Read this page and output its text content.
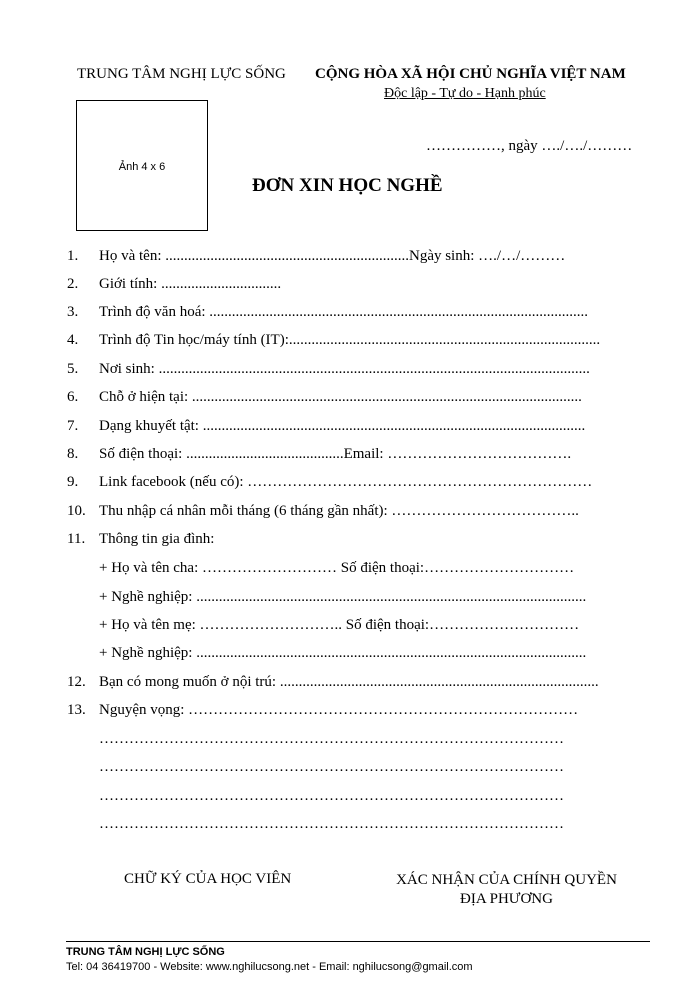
TRUNG TÂM NGHỊ LỰC SỐNG CỘNG HÒA XÃ HỘI CHỦ NGHĨA VIỆT NAM
Độc lập - Tự do - Hạnh phúc
Ảnh 4 x 6
……………, ngày …./…./………
ĐƠN XIN HỌC NGHỀ
1. Họ và tên: .................................................................Ngày sinh: …./…/………
2. Giới tính: ................................
3. Trình độ văn hoá: .....................................................................................................
4. Trình độ Tin học/máy tính (IT):...................................................................................
5. Nơi sinh: ...................................................................................................................
6. Chỗ ở hiện tại: ........................................................................................................
7. Dạng khuyết tật: ......................................................................................................
8. Số điện thoại: ..........................................Email: ……………………………….
9. Link facebook (nếu có): ……………………………………………………………
10. Thu nhập cá nhân mỗi tháng (6 tháng gần nhất): ………………………………..
11. Thông tin gia đình:
+ Họ và tên cha: ……………………… Số điện thoại:…………………………
+ Nghề nghiệp: ........................................................................................................
+ Họ và tên mẹ: ……………………….. Số điện thoại:…………………………
+ Nghề nghiệp: ........................................................................................................
12. Bạn có mong muốn ở nội trú: .....................................................................................
13. Nguyện vọng: ……………………………………………………………………
…………………………………………………………………………………
…………………………………………………………………………………
…………………………………………………………………………………
…………………………………………………………………………………
CHỮ KÝ CỦA HỌC VIÊN	XÁC NHẬN CỦA CHÍNH QUYỀN ĐỊA PHƯƠNG
TRUNG TÂM NGHỊ LỰC SỐNG
Tel: 04 36419700 - Website: www.nghilucsong.net - Email: nghilucsong@gmail.com
